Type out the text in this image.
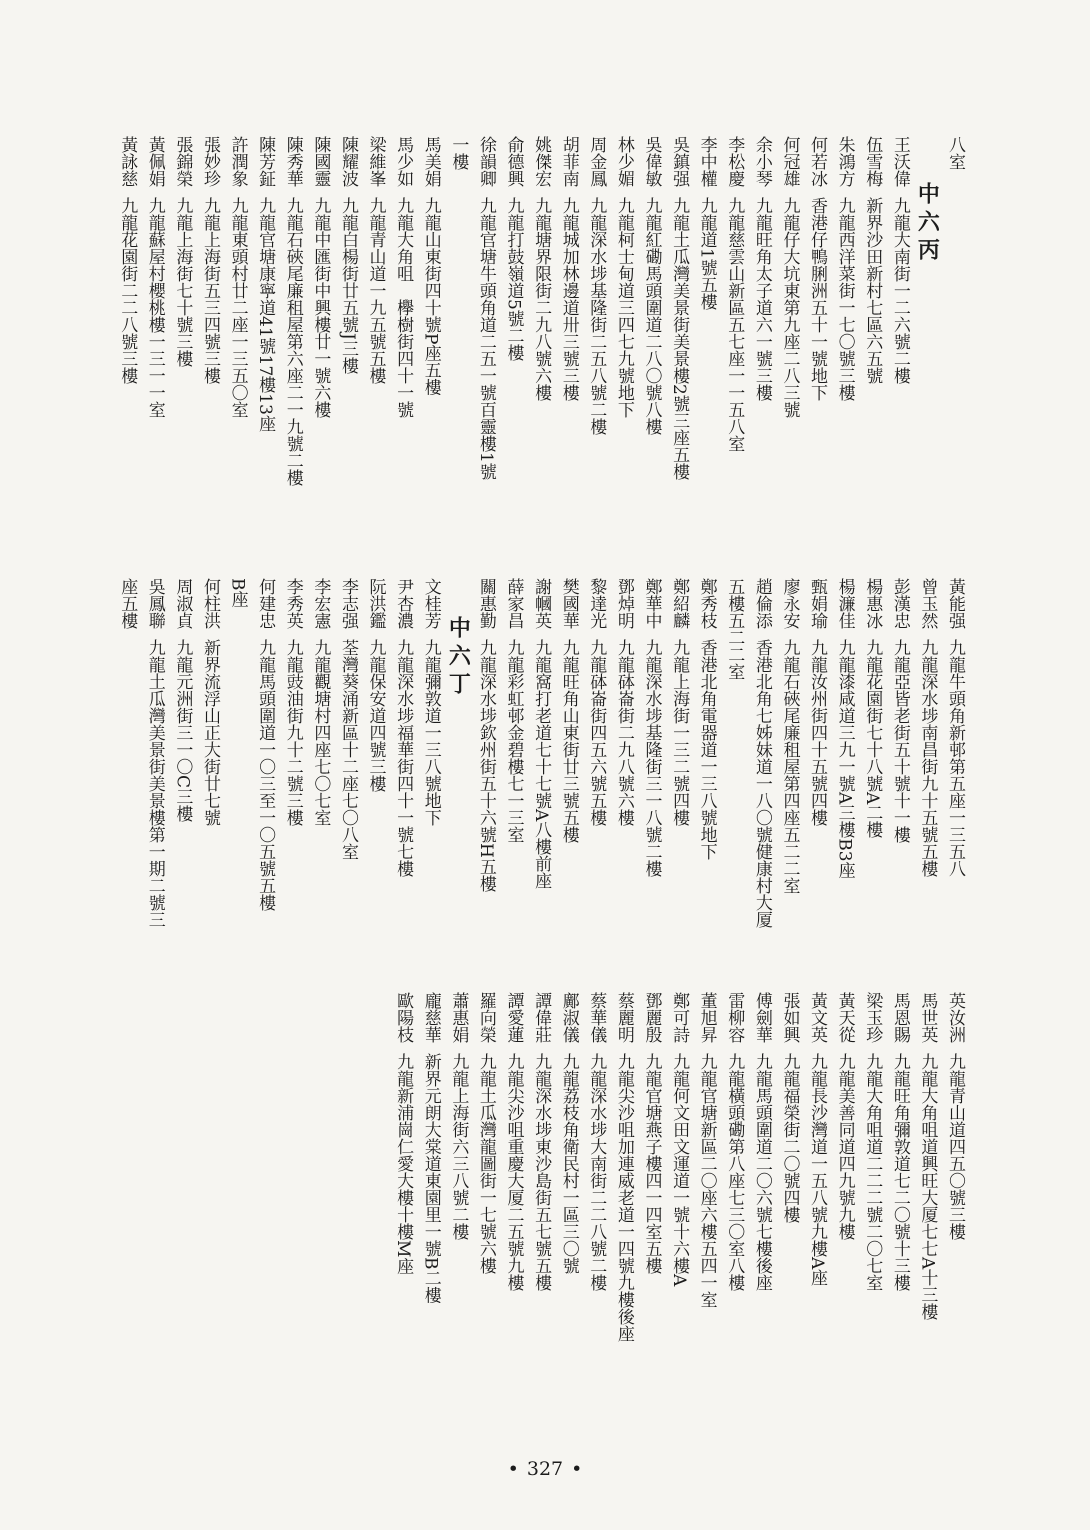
八室
中六丙
王沃偉九龍大南街一二六號二樓
伍雪梅新界沙田新村七區六五號
朱鴻方九龍西洋菜街一七〇號三樓
何若冰香港仔鴨脷洲五十一號地下
何冠雄九龍仔大坑東第九座二八三號
余小琴九龍旺角太子道六一號三樓
李松慶九龍慈雲山新區五七座一一五八室
李中權九龍道1號五樓
吳鎮强九龍土瓜灣美景街美景樓2號三座五樓
吳偉敏九龍紅磡馬頭圍道二八〇號八樓
林少媚九龍柯士甸道三四七九號地下
周金鳳九龍深水埗基隆街二五八號二樓
胡菲南九龍城加林邊道卅三號三樓
姚傑宏九龍塘界限街二九八號六樓
俞德興九龍打鼓嶺道5號二樓
徐韻卿九龍官塘牛頭角道二五一號百靈樓1號
一樓
馬美娟九龍山東街四十號P座五樓
馬少如九龍大角咀　欅樹街四十一號
梁維峯九龍青山道一九五號五樓
陳耀波九龍白楊街廿五號J三樓
陳國靈九龍中匯街中興樓廿一號六樓
陳秀華九龍石硤尾廉租屋第六座二一九號二樓
陳芳鉦九龍官塘康寧道41號17樓13座
許潤象九龍東頭村廿二座一三五〇室
張妙珍九龍上海街五三四號三樓
張錦榮九龍上海街七十號三樓
黃佩娟九龍蘇屋村櫻桃樓一三一一室
黃詠慈九龍花園街二二八號三樓
黃能强九龍牛頭角新邨第五座一三五八
曾玉然九龍深水埗南昌街九十五號五樓
彭漢忠九龍亞皆老街五十號十一樓
楊惠冰九龍花園街七十八號A二樓
楊濂佳九龍漆咸道三九一號A三樓B3座
甄娟瑜九龍汝州街四十五號四樓
廖永安九龍石硤尾廉租屋第四座五二二室
趙倫添香港北角七姊妹道一八〇號健康村大厦
五樓五二二室
鄭秀枝香港北角電器道一三八號地下
鄭紹麟九龍上海街一三二號四樓
鄭華中九龍深水埗基隆街三一八號二樓
鄧焯明九龍砵崙街二九八號六樓
黎達光九龍砵崙街四五六號五樓
樊國華九龍旺角山東街廿三號五樓
謝幗英九龍窩打老道七十七號A八樓前座
薛家昌九龍彩虹邨金碧樓七一三室
關惠勤九龍深水埗欽州街五十六號H五樓
中六丁
文桂芳九龍彌敦道一三八號地下
尹杏濃九龍深水埗福華街四十一號七樓
阮洪鑑九龍保安道四號三樓
李志强荃灣葵涌新區十二座七〇八室
李宏憲九龍觀塘村四座七〇七室
李秀英九龍豉油街九十二號三樓
何建忠九龍馬頭圍道一〇三至一〇五號五樓
B座
何柱洪新界流浮山正大街廿七號
周淑貞九龍元洲街三一〇C三樓
吳鳳聯九龍土瓜灣美景街美景樓第一期二號三
座五樓
英汝洲九龍青山道四五〇號三樓
馬世英九龍大角咀道興旺大厦七七A十三樓
馬恩賜九龍旺角彌敦道七二〇號十三樓
梁玉珍九龍大角咀道二二二號二〇七室
黃天從九龍美善同道四九號九樓
黃文英九龍長沙灣道一五八號九樓A座
張如興九龍福榮街二〇號四樓
傅劍華九龍馬頭圍道二〇六號七樓後座
雷柳容九龍橫頭磡第八座七三〇室八樓
董旭昇九龍官塘新區二〇座六樓五四一室
鄭可詩九龍何文田文運道一號十六樓A
鄧麗殷九龍官塘燕子樓四一四室五樓
蔡麗明九龍尖沙咀加連威老道一四號九樓後座
蔡華儀九龍深水埗大南街二二八號二樓
鄺淑儀九龍荔枝角衛民村一區三〇號
譚偉莊九龍深水埗東沙島街五七號五樓
譚愛蓮九龍尖沙咀重慶大厦二五號九樓
羅向榮九龍土瓜灣龍圖街一七號六樓
蕭惠娟九龍上海街六三八號二樓
龐慈華新界元朗大棠道東園里一號B二樓
歐陽枝九龍新浦崗仁愛大樓十樓M座
• 327 •
